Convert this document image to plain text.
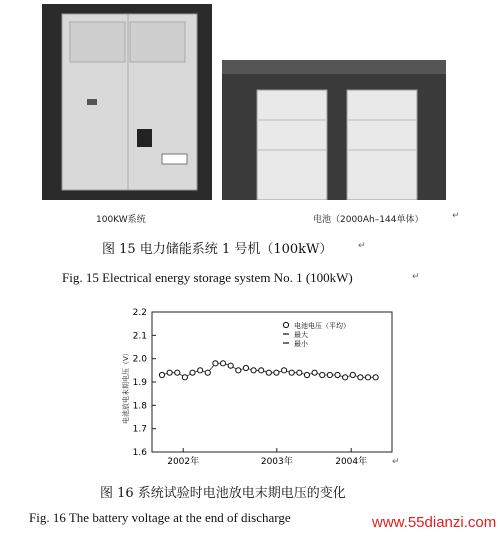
100KW系统	电池（2000Ah–144单体）	↵
图 15 电力储能系统 1 号机（100kW）	↵
Fig. 15 Electrical energy storage system No. 1 (100kW)	↵
2.2
2.1
2.0
1.9
1.8
1.7
1.6
2002年	2003年	2004年
电池放电末期电压（V）
电池电压（平均）
最大
最小
↵
图 16 系统试验时电池放电末期电压的变化
Fig. 16 The battery voltage at the end of discharge	www.55dianzi.com
